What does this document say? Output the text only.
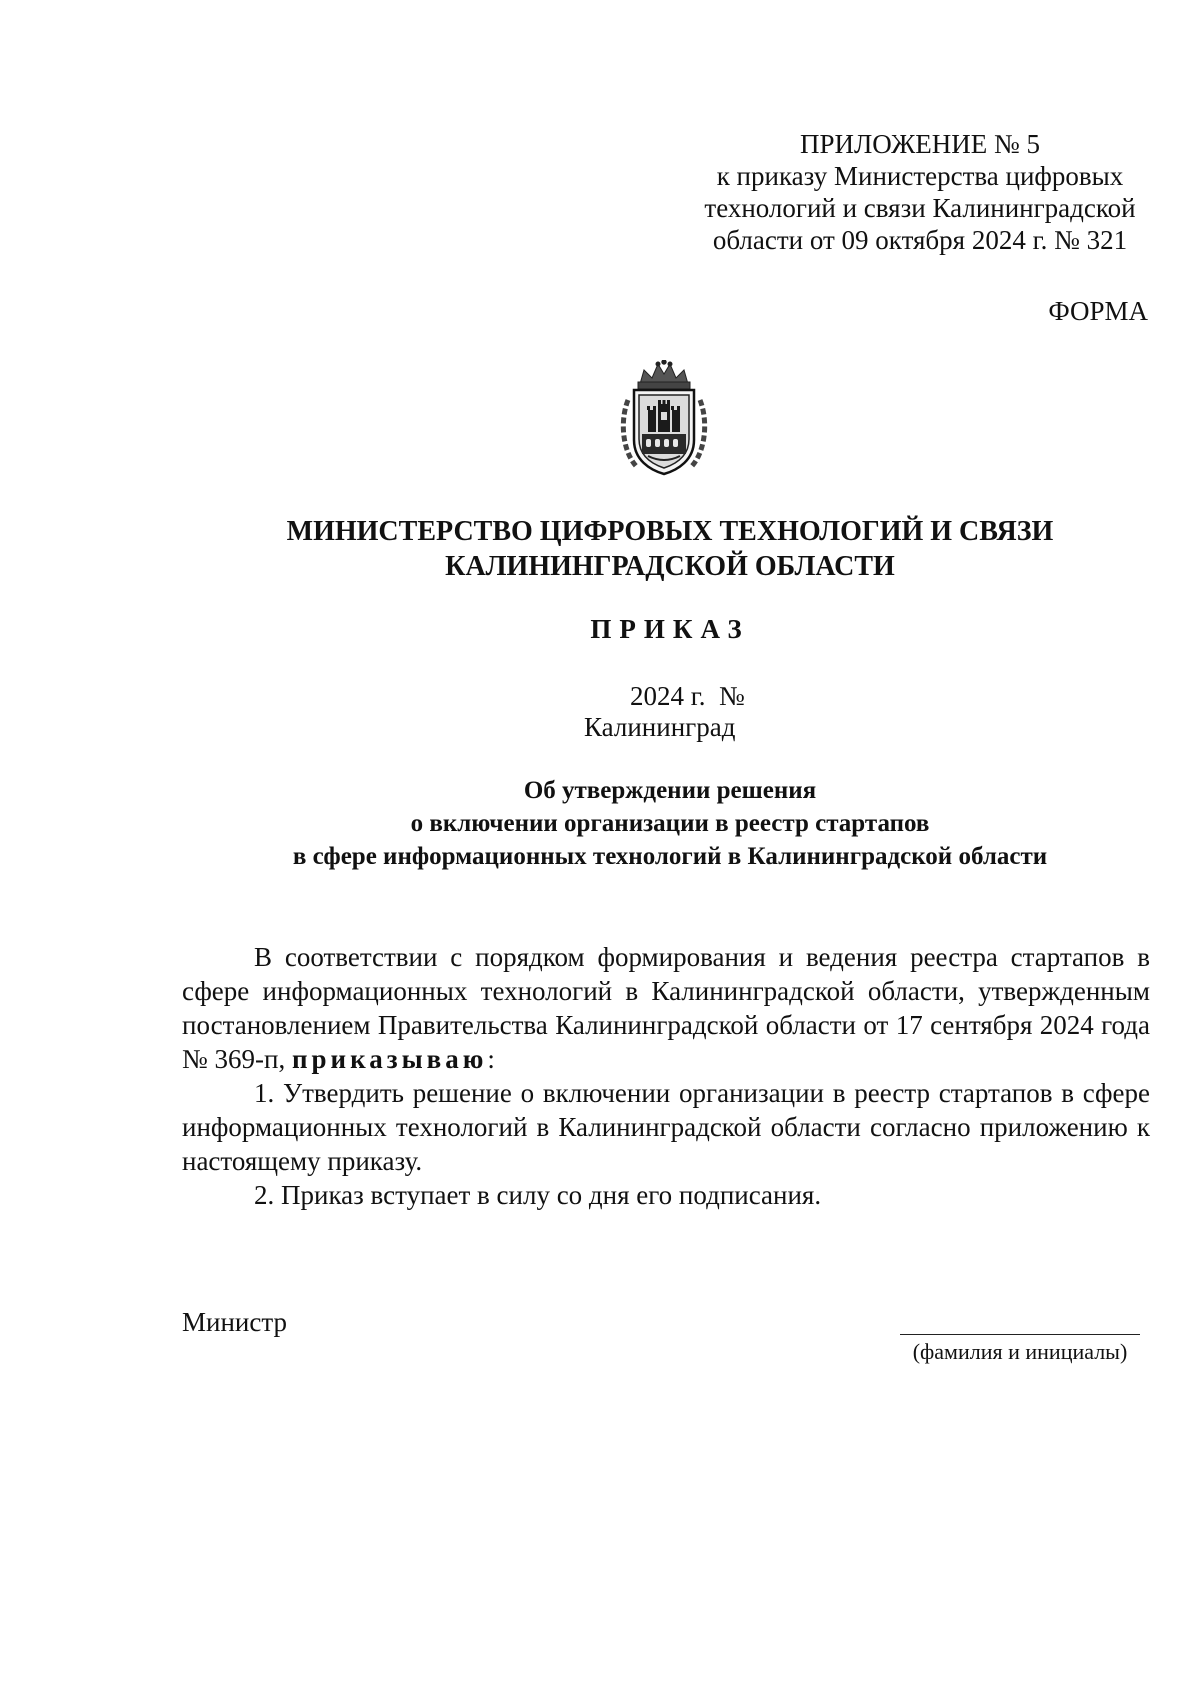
ПРИЛОЖЕНИЕ № 5
к приказу Министерства цифровых
технологий и связи Калининградской
области от 09 октября 2024 г. № 321
ФОРМА
МИНИСТЕРСТВО ЦИФРОВЫХ ТЕХНОЛОГИЙ И СВЯЗИ
КАЛИНИНГРАДСКОЙ ОБЛАСТИ
ПРИКАЗ
2024 г.  №
Калининград
Об утверждении решения
о включении организации в реестр стартапов
в сфере информационных технологий в Калининградской области

В соответствии с порядком формирования и ведения реестра стартапов в сфере информационных технологий в Калининградской области, утвержденным постановлением Правительства Калининградской области от 17 сентября 2024 года № 369-п, приказываю:

1. Утвердить решение о включении организации в реестр стартапов в сфере информационных технологий в Калининградской области согласно приложению к настоящему приказу.

2. Приказ вступает в силу со дня его подписания.

Министр
(фамилия и инициалы)
